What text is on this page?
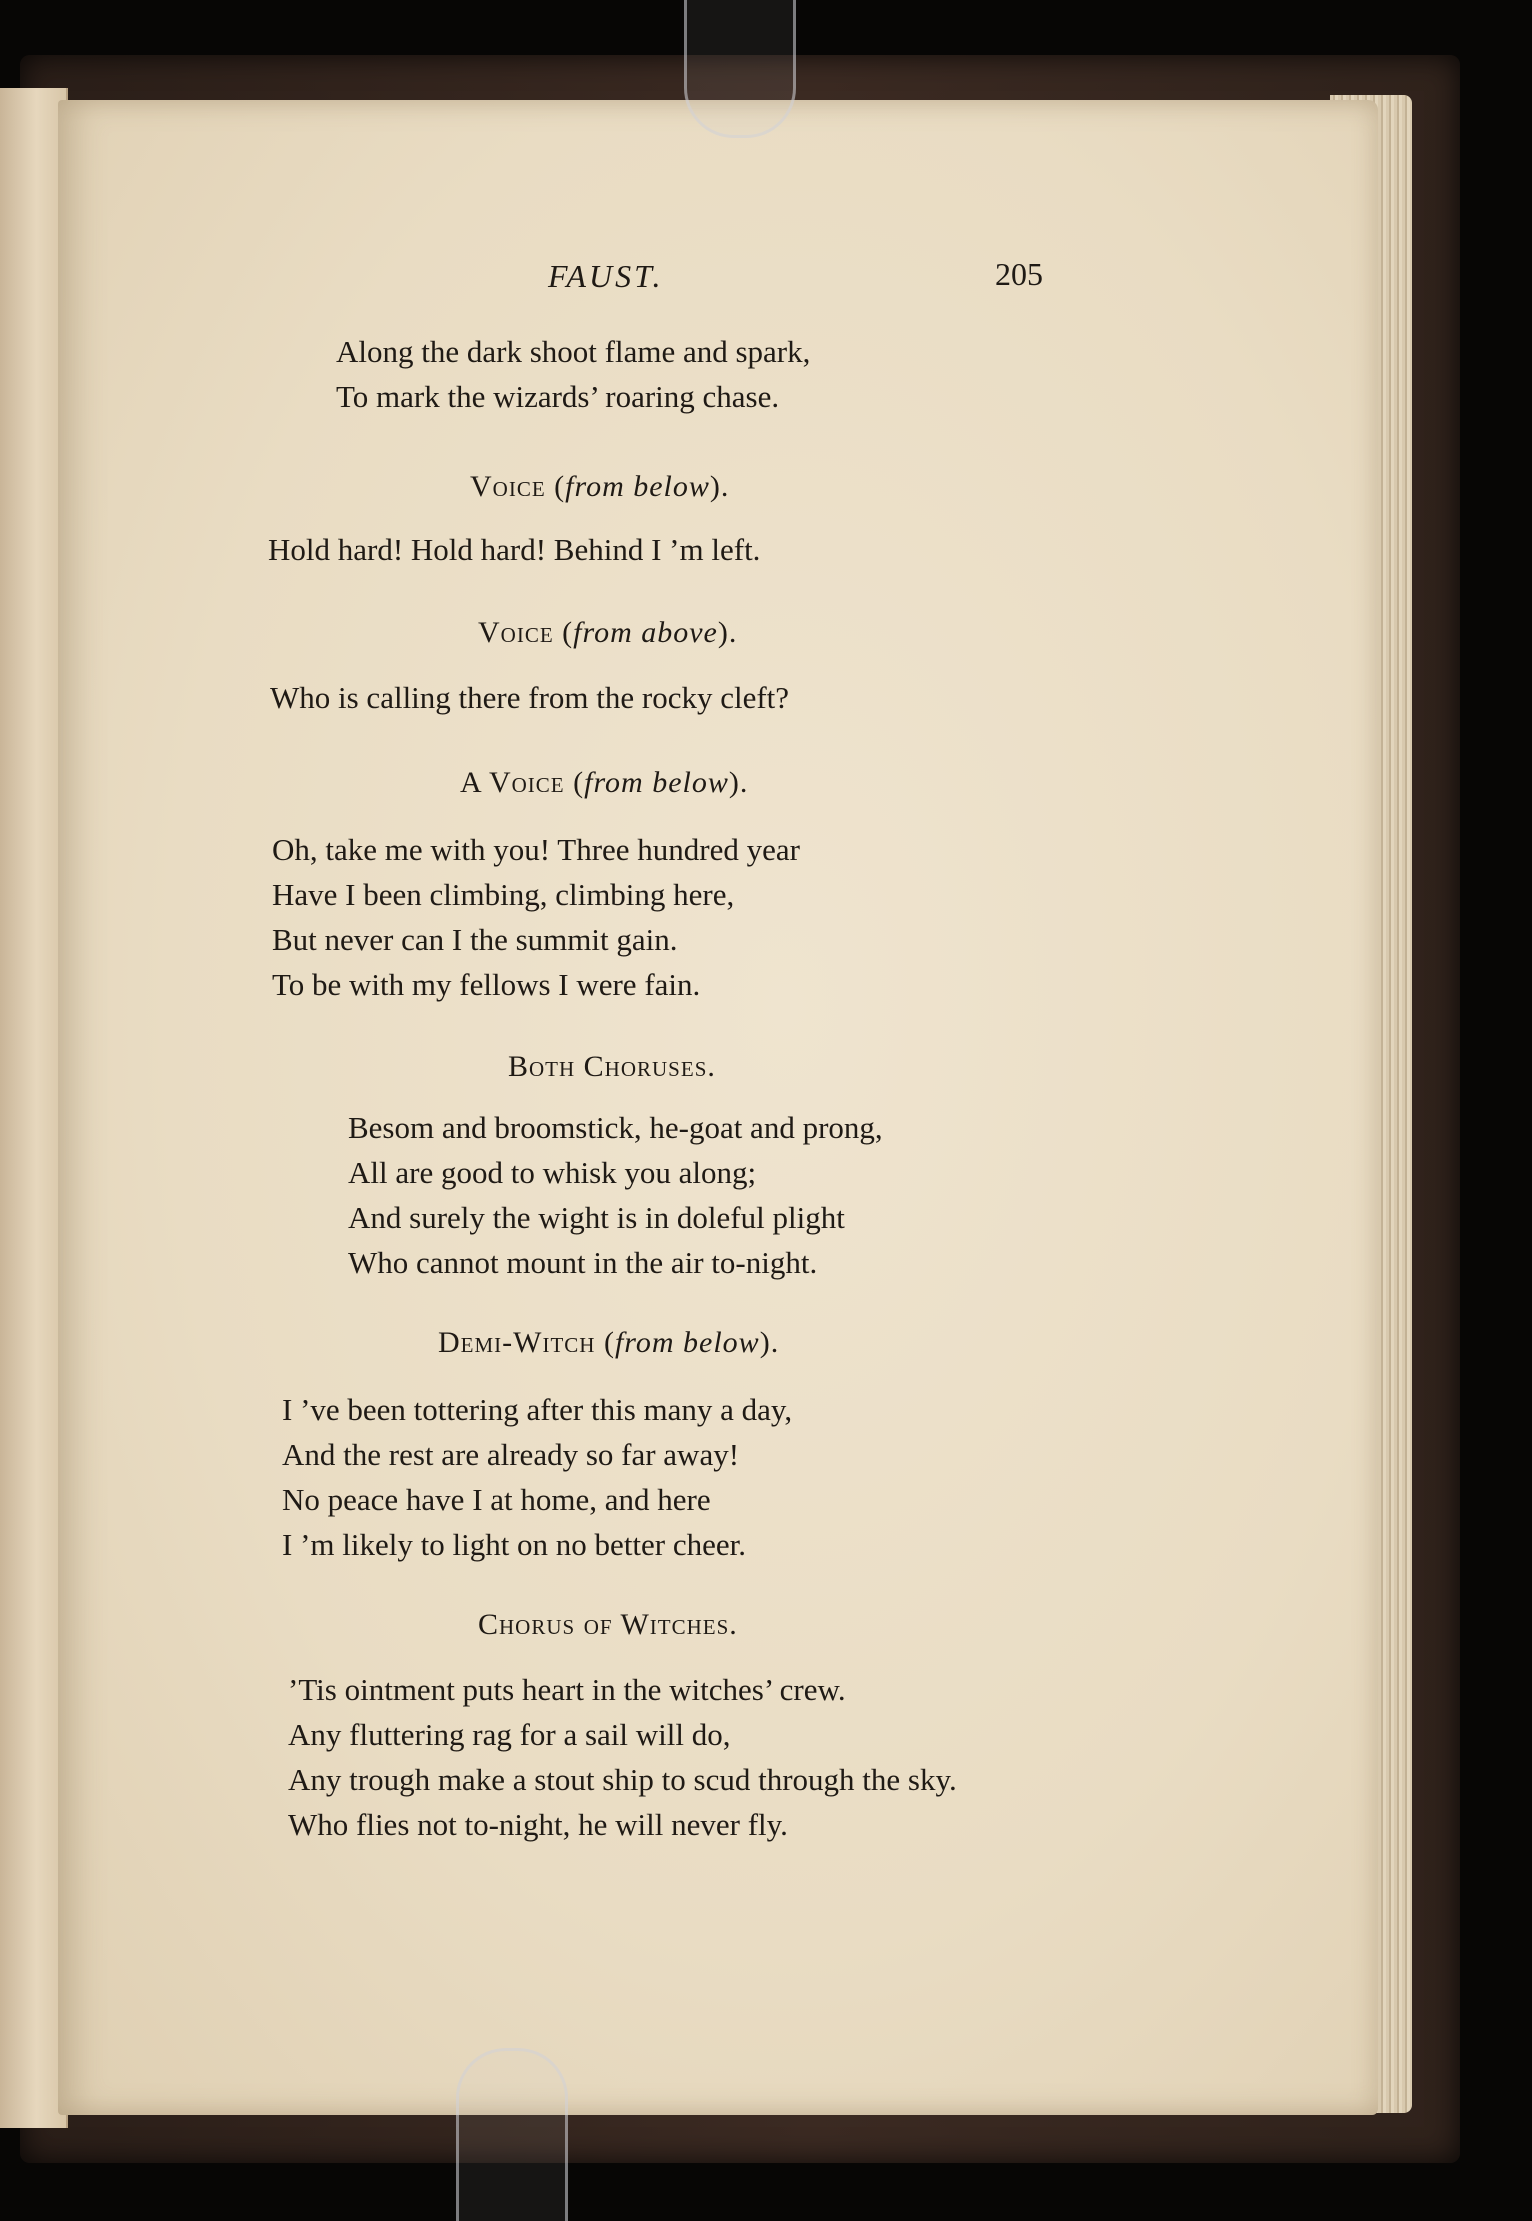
FAUST.	205
Along the dark shoot flame and spark,
To mark the wizards’ roaring chase.
Voice (from below).
Hold hard! Hold hard! Behind I ’m left.
Voice (from above).
Who is calling there from the rocky cleft?
A Voice (from below).
Oh, take me with you! Three hundred year
Have I been climbing, climbing here,
But never can I the summit gain.
To be with my fellows I were fain.
Both Choruses.
Besom and broomstick, he-goat and prong,
All are good to whisk you along;
And surely the wight is in doleful plight
Who cannot mount in the air to-night.
Demi-Witch (from below).
I ’ve been tottering after this many a day,
And the rest are already so far away!
No peace have I at home, and here
I ’m likely to light on no better cheer.
Chorus of Witches.
’Tis ointment puts heart in the witches’ crew.
Any fluttering rag for a sail will do,
Any trough make a stout ship to scud through the sky.
Who flies not to-night, he will never fly.
